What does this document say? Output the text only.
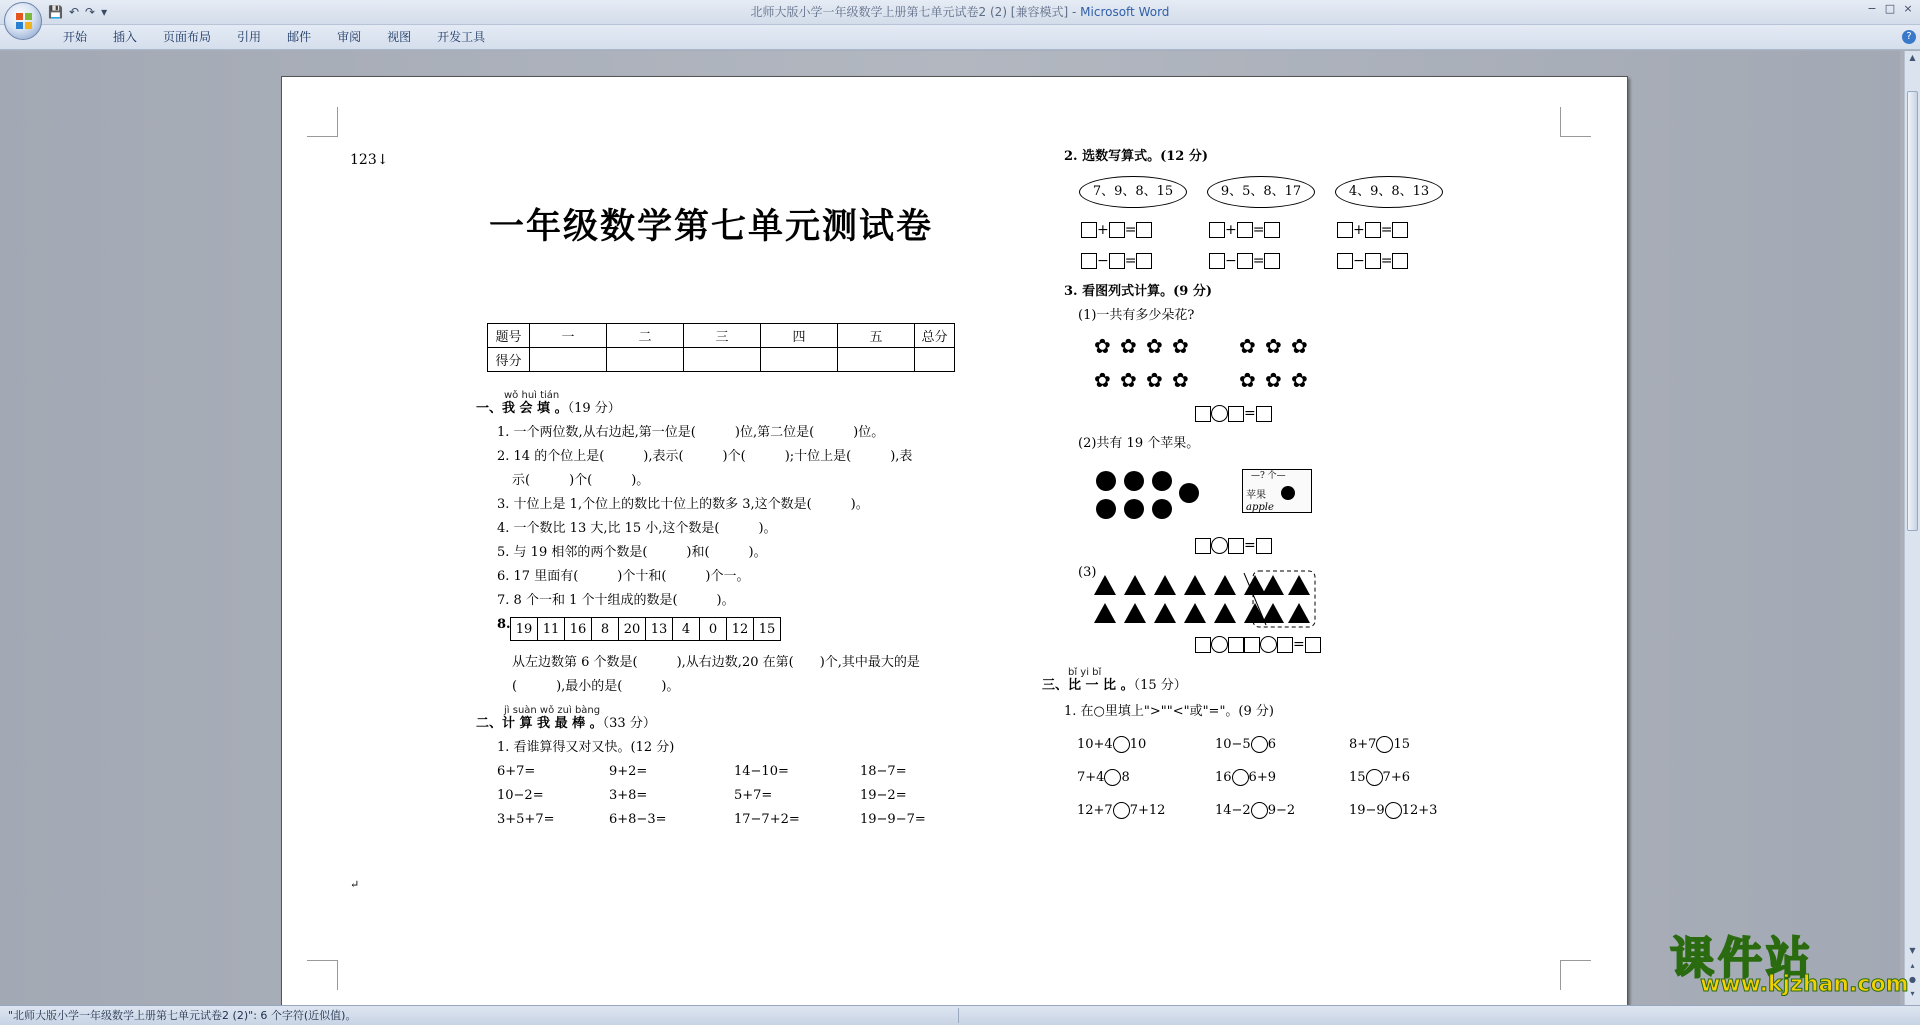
北师大版小学一年级数学上册第七单元试卷2 (2) [兼容模式] - Microsoft Word
💾 ↶ ↷ ▾	− □ ×
开始	插入	页面布局	引用	邮件	审阅	视图	开发工具	?
▲
▼
▴
●
▾
123↓
↵
一年级数学第七单元测试卷
题号	一	二	三	四	五	总分
得分						
wǒ huì tián
一、我 会 填 。（19 分）
1. 一个两位数,从右边起,第一位是(　　　)位,第二位是(　　　)位。
2. 14 的个位上是(　　　),表示(　　　)个(　　　);十位上是(　　　),表
示(　　　)个(　　　)。
3. 十位上是 1,个位上的数比十位上的数多 3,这个数是(　　　)。
4. 一个数比 13 大,比 15 小,这个数是(　　　)。
5. 与 19 相邻的两个数是(　　　)和(　　　)。
6. 17 里面有(　　　)个十和(　　　)个一。
7. 8 个一和 1 个十组成的数是(　　　)。
8. 19	11	16	8	20	13	4	0	12	15
从左边数第 6 个数是(　　　),从右边数,20 在第(　　)个,其中最大的是
(　　　),最小的是(　　　)。
jì suàn wǒ zuì bàng
二、计 算 我 最 棒 。（33 分）
1. 看谁算得又对又快。(12 分)
2. 选数写算式。(12 分)
7、9、8、15	9、5、8、17	4、9、8、13
3. 看图列式计算。(9 分)
(1)一共有多少朵花?
=
(2)共有 19 个苹果。
—? 个—
苹果
apple
=
(3)
=
bǐ yi bǐ
三、比 一 比 。（15 分）
1. 在○里填上">""<"或"="。(9 分)
6+7=	9+2=	14−10=	18−7=
10−2=	3+8=	5+7=	19−2=
3+5+7=	6+8−3=	17−7+2=	19−9−7=
+ =
− =
+ =
− =
+ =
− =
✿ ✿ ✿ ✿
✿ ✿ ✿ ✿
✿ ✿ ✿
✿ ✿ ✿
10+4 10	10−5 6	8+7 15
7+4 8	16 6+9	15 7+6
12+7 7+12	14−2 9−2	19−9 12+3
"北师大版小学一年级数学上册第七单元试卷2 (2)": 6 个字符(近似值)。
课件站
www.kjzhan.com
